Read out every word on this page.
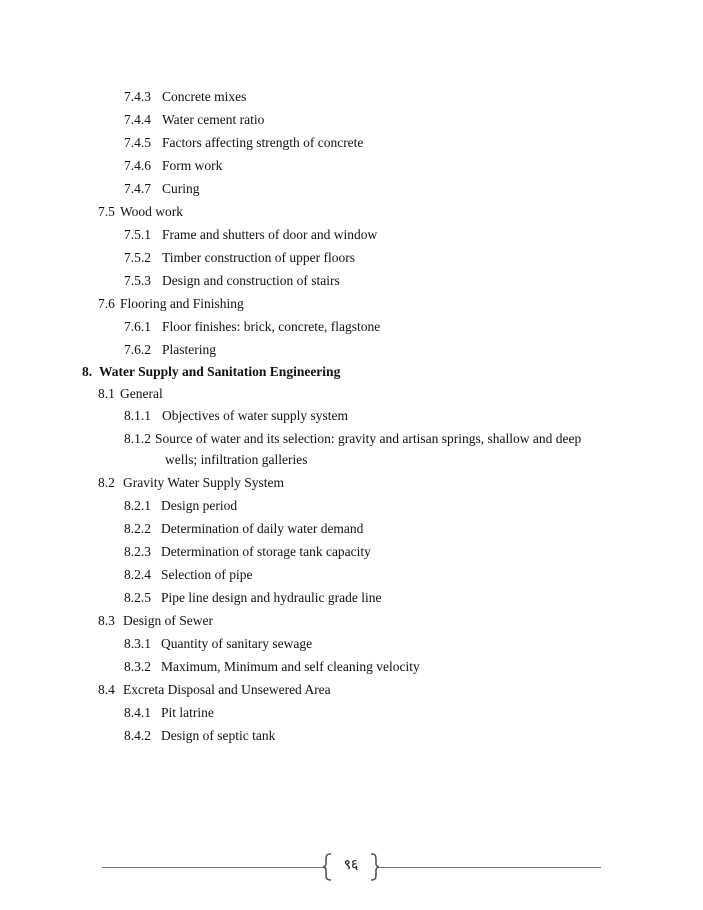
7.4.3 Concrete mixes
7.4.4 Water cement ratio
7.4.5 Factors affecting strength of concrete
7.4.6 Form work
7.4.7 Curing
7.5 Wood work
7.5.1 Frame and shutters of door and window
7.5.2 Timber construction of upper floors
7.5.3 Design and construction of stairs
7.6 Flooring and Finishing
7.6.1 Floor finishes: brick, concrete, flagstone
7.6.2 Plastering
8. Water Supply and Sanitation Engineering
8.1 General
8.1.1 Objectives of water supply system
8.1.2 Source of water and its selection: gravity and artisan springs, shallow and deep
wells; infiltration galleries
8.2 Gravity Water Supply System
8.2.1 Design period
8.2.2 Determination of daily water demand
8.2.3 Determination of storage tank capacity
8.2.4 Selection of pipe
8.2.5 Pipe line design and hydraulic grade line
8.3 Design of Sewer
8.3.1 Quantity of sanitary sewage
8.3.2 Maximum, Minimum and self cleaning velocity
8.4 Excreta Disposal and Unsewered Area
8.4.1 Pit latrine
8.4.2 Design of septic tank
९६
